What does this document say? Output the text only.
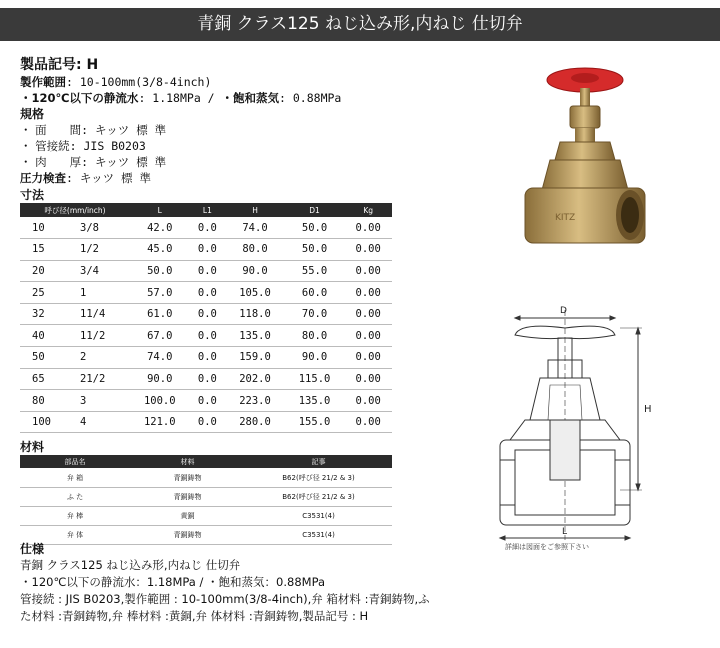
青銅 クラス125 ねじ込み形,内ねじ 仕切弁
製品記号: H
製作範囲: 10-100mm(3/8-4inch)
・120℃以下の静流水: 1.18MPa / ・飽和蒸気: 0.88MPa
規格
・ 面　　間: キッツ 標 準
・ 管接続: JIS B0203
・ 肉　　厚: キッツ 標 準
圧力検査: キッツ 標 準
寸法
呼び径(mm/inch)	L	L1	H	D1	Kg
10 3/8	42.0	0.0	74.0	50.0	0.00
15 1/2	45.0	0.0	80.0	50.0	0.00
20 3/4	50.0	0.0	90.0	55.0	0.00
25 1	57.0	0.0	105.0	60.0	0.00
32 11/4	61.0	0.0	118.0	70.0	0.00
40 11/2	67.0	0.0	135.0	80.0	0.00
50 2	74.0	0.0	159.0	90.0	0.00
65 21/2	90.0	0.0	202.0	115.0	0.00
80 3	100.0	0.0	223.0	135.0	0.00
100 4	121.0	0.0	280.0	155.0	0.00
材料
部品名	材料	記事
弁 箱	青銅鋳物	B62(呼び径 21/2 & 3)
ふ た	青銅鋳物	B62(呼び径 21/2 & 3)
弁 棒	黄銅	C3531(4)
弁 体	青銅鋳物	C3531(4)
仕様
青銅 クラス125 ねじ込み形,内ねじ 仕切弁
・120℃以下の静流水：1.18MPa / ・飽和蒸気：0.88MPa
管接続 : JIS B0203,製作範囲 : 10-100mm(3/8-4inch),弁 箱材料 :青銅鋳物,ふ た材料 :青銅鋳物,弁 棒材料 :黄銅,弁 体材料 :青銅鋳物,製品記号 : H
KITZ
D
H
L
詳細は図面をご参照下さい
